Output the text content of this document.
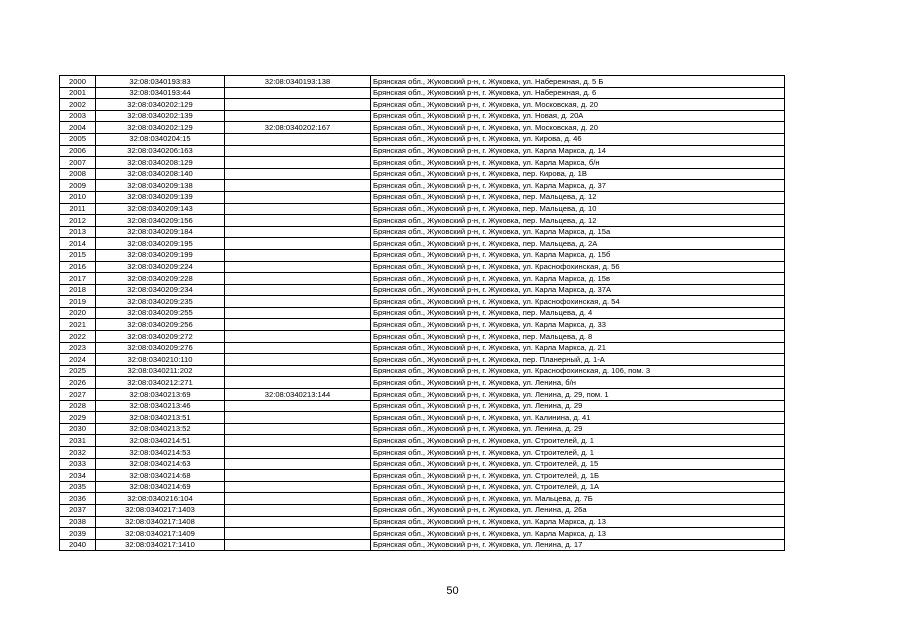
2000	32:08:0340193:83	32:08:0340193:138	Брянская обл., Жуковский р-н, г. Жуковка, ул. Набережная, д. 5 Б
2001	32:08:0340193:44		Брянская обл., Жуковский р-н, г. Жуковка, ул. Набережная, д. 6
2002	32:08:0340202:129		Брянская обл., Жуковский р-н, г. Жуковка, ул. Московская, д. 20
2003	32:08:0340202:139		Брянская обл., Жуковский р-н, г. Жуковка, ул. Новая, д. 20А
2004	32:08:0340202:129	32:08:0340202:167	Брянская обл., Жуковский р-н, г. Жуковка, ул. Московская, д. 20
2005	32:08:0340204:15		Брянская обл., Жуковский р-н, г. Жуковка, ул. Кирова, д. 46
2006	32:08:0340206:163		Брянская обл., Жуковский р-н, г. Жуковка, ул. Карла Маркса, д. 14
2007	32:08:0340208:129		Брянская обл., Жуковский р-н, г. Жуковка, ул. Карла Маркса, б/н
2008	32:08:0340208:140		Брянская обл., Жуковский р-н, г. Жуковка, пер. Кирова, д. 1В
2009	32:08:0340209:138		Брянская обл., Жуковский р-н, г. Жуковка, ул. Карла Маркса, д. 37
2010	32:08:0340209:139		Брянская обл., Жуковский р-н, г. Жуковка, пер. Мальцева, д. 12
2011	32:08:0340209:143		Брянская обл., Жуковский р-н, г. Жуковка, пер. Мальцева, д. 10
2012	32:08:0340209:156		Брянская обл., Жуковский р-н, г. Жуковка, пер. Мальцева, д. 12
2013	32:08:0340209:184		Брянская обл., Жуковский р-н, г. Жуковка, ул. Карла Маркса, д. 15а
2014	32:08:0340209:195		Брянская обл., Жуковский р-н, г. Жуковка, пер. Мальцева, д. 2А
2015	32:08:0340209:199		Брянская обл., Жуковский р-н, г. Жуковка, ул. Карла Маркса, д. 15б
2016	32:08:0340209:224		Брянская обл., Жуковский р-н, г. Жуковка, ул. Краснофохинская, д. 56
2017	32:08:0340209:228		Брянская обл., Жуковский р-н, г. Жуковка, ул. Карла Маркса, д. 15в
2018	32:08:0340209:234		Брянская обл., Жуковский р-н, г. Жуковка, ул. Карла Маркса, д. 37А
2019	32:08:0340209:235		Брянская обл., Жуковский р-н, г. Жуковка, ул. Краснофохинская, д. 54
2020	32:08:0340209:255		Брянская обл., Жуковский р-н, г. Жуковка, пер. Мальцева, д. 4
2021	32:08:0340209:256		Брянская обл., Жуковский р-н, г. Жуковка, ул. Карла Маркса, д. 33
2022	32:08:0340209:272		Брянская обл., Жуковский р-н, г. Жуковка, пер. Мальцева, д. 8
2023	32:08:0340209:276		Брянская обл., Жуковский р-н, г. Жуковка, ул. Карла Маркса, д. 21
2024	32:08:0340210:110		Брянская обл., Жуковский р-н, г. Жуковка, пер. Планерный, д. 1-А
2025	32:08:0340211:202		Брянская обл., Жуковский р-н, г. Жуковка, ул. Краснофохинская, д. 106, пом. 3
2026	32:08:0340212:271		Брянская обл., Жуковский р-н, г. Жуковка, ул. Ленина, б/н
2027	32:08:0340213:69	32:08:0340213:144	Брянская обл., Жуковский р-н, г. Жуковка, ул. Ленина, д. 29, пом. 1
2028	32:08:0340213:46		Брянская обл., Жуковский р-н, г. Жуковка, ул. Ленина, д. 29
2029	32:08:0340213:51		Брянская обл., Жуковский р-н, г. Жуковка, ул. Калинина, д. 41
2030	32:08:0340213:52		Брянская обл., Жуковский р-н, г. Жуковка, ул. Ленина, д. 29
2031	32:08:0340214:51		Брянская обл., Жуковский р-н, г. Жуковка, ул. Строителей, д. 1
2032	32:08:0340214:53		Брянская обл., Жуковский р-н, г. Жуковка, ул. Строителей, д. 1
2033	32:08:0340214:63		Брянская обл., Жуковский р-н, г. Жуковка, ул. Строителей, д. 15
2034	32:08:0340214:68		Брянская обл., Жуковский р-н, г. Жуковка, ул. Строителей, д. 1Б
2035	32:08:0340214:69		Брянская обл., Жуковский р-н, г. Жуковка, ул. Строителей, д. 1А
2036	32:08:0340216:104		Брянская обл., Жуковский р-н, г. Жуковка, ул. Мальцева, д. 7Б
2037	32:08:0340217:1403		Брянская обл., Жуковский р-н, г. Жуковка, ул. Ленина, д. 26а
2038	32:08:0340217:1408		Брянская обл., Жуковский р-н, г. Жуковка, ул. Карла Маркса, д. 13
2039	32:08:0340217:1409		Брянская обл., Жуковский р-н, г. Жуковка, ул. Карла Маркса, д. 13
2040	32:08:0340217:1410		Брянская обл., Жуковский р-н, г. Жуковка, ул. Ленина, д. 17
50
